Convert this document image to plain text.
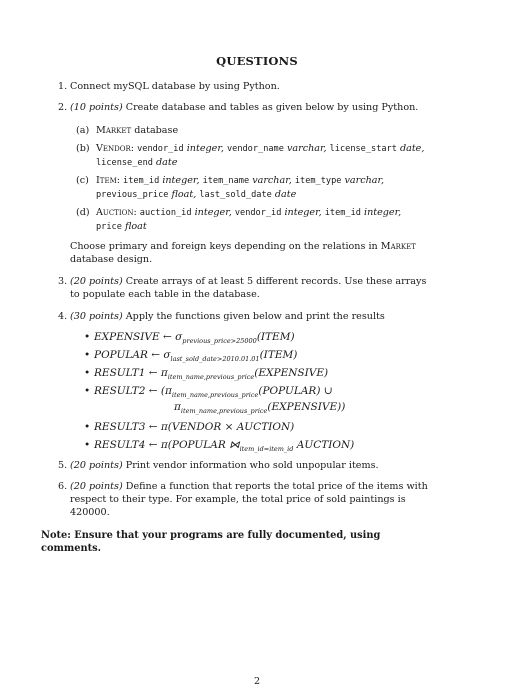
QUESTIONS
1. Connect mySQL database by using Python.
2. (10 points) Create database and tables as given below by using Python.
(a) Market database
(b) Vendor: vendor_id integer, vendor_name varchar, license_start date, license_end date
(c) Item: item_id integer, item_name varchar, item_type varchar, previous_price float, last_sold_date date
(d) Auction: auction_id integer, vendor_id integer, item_id integer, price float
Choose primary and foreign keys depending on the relations in Market database design.
3. (20 points) Create arrays of at least 5 different records. Use these arrays to populate each table in the database.
4. (30 points) Apply the functions given below and print the results
• EXPENSIVE ← $\sigma_{previous\_price>25000}(ITEM)$
• POPULAR ← $\sigma_{last\_sold\_date>2010.01.01}(ITEM)$
• RESULT1 ← $\pi_{item\_name,previous\_price}(EXPENSIVE)$
• RESULT2 ← ($\pi_{item\_name,previous\_price}(POPULAR)$ ∪
$\pi_{item\_name,previous\_price}(EXPENSIVE)$)
• RESULT3 ← π(VENDOR × AUCTION)
• RESULT4 ← π(POPULAR $⋈_{item\_id=item\_id}$ AUCTION)
5. (20 points) Print vendor information who sold unpopular items.
6. (20 points) Define a function that reports the total price of the items with respect to their type. For example, the total price of sold paintings is 420000.
Note: Ensure that your programs are fully documented, using comments.
2
